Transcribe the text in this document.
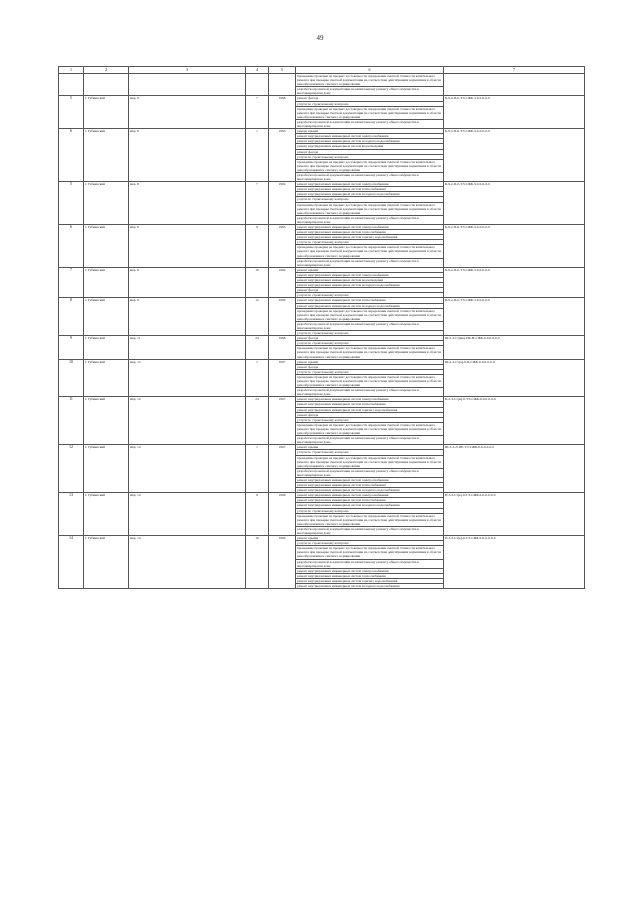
49
1	2	3	4	5	6	7
					проведение проверки на предмет достоверности определения сметной стоимости капитального ремонта при проверке сметной документации на соответствие действующим нормативам в области ценообразования и сметного нормирования	
					разработка проектной документации на капитальному ремонту общего имущества в многоквартирном доме	
5	г. Губкинский	мкр. 9	7	1998	ремонт фасада	Б-9-2-П-0-ТЭ-СЖБ-3-0-0-0-0-0
					услуги по строительному контролю	
					проведение проверки на предмет достоверности определения сметной стоимости капитального ремонта при проверке сметной документации на соответствие действующим нормативам в области ценообразования и сметного нормирования	
					разработка проектной документации на капитальному ремонту общего имущества в многоквартирном доме	
6	г. Губкинский	мкр. 8	1	1993	ремонт крыши	Б-9-3-П-0-ТЭ-СЖБ-3-0-0-0-0-0
					ремонт внутридомовых инженерных систем электроснабжения	
					ремонт внутридомовых инженерных систем холодного водоснабжения	
					ремонт внутридомовых инженерных систем водоотведения	
					ремонт фасада	
					услуги по строительному контролю	
					проведение проверки на предмет достоверности определения сметной стоимости капитального ремонта при проверке сметной документации на соответствие действующим нормативам в области ценообразования и сметного нормирования	
					разработка проектной документации на капитальному ремонту общего имущества в многоквартирном доме	
5	г. Губкинский	мкр. 8	7	1994	ремонт внутридомовых инженерных систем электроснабжения	Б-9-2-П-0-ТЭ-СЖБ-3-0-0-0-0-0
					ремонт внутридомовых инженерных систем теплоснабжения	
					ремонт внутридомовых инженерных систем холодного водоснабжения	
					услуги по строительному контролю	
					проведение проверки на предмет достоверности определения сметной стоимости капитального ремонта при проверке сметной документации на соответствие действующим нормативам в области ценообразования и сметного нормирования	
					разработка проектной документации на капитальному ремонту общего имущества в многоквартирном доме	
6	г. Губкинский	мкр. 8	9	1995	ремонт внутридомовых инженерных систем электроснабжения	Б-9-2-П-0-ТЭ-СЖБ-3-0-0-0-0-0
					ремонт внутридомовых инженерных систем теплоснабжения	
					ремонт внутридомовых инженерных систем горячего водоснабжения	
					услуги по строительному контролю	
					проведение проверки на предмет достоверности определения сметной стоимости капитального ремонта при проверке сметной документации на соответствие действующим нормативам в области ценообразования и сметного нормирования	
					разработка проектной документации на капитальному ремонту общего имущества в многоквартирном доме	
7	г. Губкинский	мкр. 8	10	1994	ремонт крыши	Б-9-2-П-0-ТЭ-СЖБ-3-0-0-0-0-0
					ремонт внутридомовых инженерных систем электроснабжения	
					ремонт внутридомовых инженерных систем водоотведения	
					ремонт внутридомовых инженерных систем холодного водоснабжения	
					ремонт фасада	
					услуги по строительному контролю	
8	г. Губкинский	мкр. 8	12	2000	ремонт внутридомовых инженерных систем теплоснабжения	Б-9-2-П-0-ТЭ-СЖБ-3-0-0-0-0-0
					ремонт внутридомовых инженерных систем холодного водоснабжения	
					проведение проверки на предмет достоверности определения сметной стоимости капитального ремонта при проверке сметной документации на соответствие действующим нормативам в области ценообразования и сметного нормирования	
					разработка проектной документации на капитальному ремонту общего имущества в многоквартирном доме	
					услуги по строительному контролю	
9	г. Губкинский	мкр. 11	24	1998	ремонт фасада	Ш-5-3-Ст(мк)-ПК-Н-СЖБ-0-0-0-0-0-0
					услуги по строительному контролю	
					проведение проверки на предмет достоверности определения сметной стоимости капитального ремонта при проверке сметной документации на соответствие действующим нормативам в области ценообразования и сметного нормирования	
10	г. Губкинский	мкр. 12	1	1997	ремонт крыши	Ш-2-2-Ст(п)-0-Ц-СЖБ-0-0-0-0-0-0
					ремонт фасада	
					услуги по строительному контролю	
					проведение проверки на предмет достоверности определения сметной стоимости капитального ремонта при проверке сметной документации на соответствие действующим нормативам в области ценообразования и сметного нормирования	
					разработка проектной документации на капитальному ремонту общего имущества в многоквартирном доме	
11	г. Губкинский	мкр. 12	24	1997	ремонт внутридомовых инженерных систем электроснабжения	К-2-3-Ст(м)-0-ТЭ-СЖБ-0-0-0-0-0-0
					ремонт внутридомовых инженерных систем теплоснабжения	
					ремонт внутридомовых инженерных систем горячего водоснабжения	
					ремонт фасада	
					услуги по строительному контролю	
					проведение проверки на предмет достоверности определения сметной стоимости капитального ремонта при проверке сметной документации на соответствие действующим нормативам в области ценообразования и сметного нормирования	
					разработка проектной документации на капитальному ремонту общего имущества в многоквартирном доме	
12	г. Губкинский	мкр. 14	1	1997	ремонт крыши	Ш-3-3-Л-ПЕ-ТЭ-СЖБ-0-0-0-0-0-0
					услуги по строительному контролю	
					проведение проверки на предмет достоверности определения сметной стоимости капитального ремонта при проверке сметной документации на соответствие действующим нормативам в области ценообразования и сметного нормирования	
					разработка проектной документации на капитальному ремонту общего имущества в многоквартирном доме	
					ремонт внутридомовых инженерных систем электроснабжения	
					ремонт внутридомовых инженерных систем теплоснабжения	
					ремонт внутридомовых инженерных систем холодного водоснабжения	
13	г. Губкинский	мкр. 14	9	1996	ремонт внутридомовых инженерных систем электроснабжения	П-3-2-Ст(к)-0-ТЭ-СЖБ-0-0-0-0-0-0
					ремонт внутридомовых инженерных систем теплоснабжения	
					ремонт внутридомовых инженерных систем холодного водоснабжения	
					услуги по строительному контролю	
					проведение проверки на предмет достоверности определения сметной стоимости капитального ремонта при проверке сметной документации на соответствие действующим нормативам в области ценообразования и сметного нормирования	
					разработка проектной документации на капитальному ремонту общего имущества в многоквартирном доме	
14	г. Губкинский	мкр. 14	10	1994	ремонт крыши	П-3-2-Ст(к)-0-ТЭ-СЖБ-0-0-0-0-0-0
					услуги по строительному контролю	
					проведение проверки на предмет достоверности определения сметной стоимости капитального ремонта при проверке сметной документации на соответствие действующим нормативам в области ценообразования и сметного нормирования	
					разработка проектной документации на капитальному ремонту общего имущества в многоквартирном доме	
					ремонт внутридомовых инженерных систем электроснабжения	
					ремонт внутридомовых инженерных систем теплоснабжения	
					ремонт внутридомовых инженерных систем горячего водоснабжения	
					ремонт внутридомовых инженерных систем холодного водоснабжения	
